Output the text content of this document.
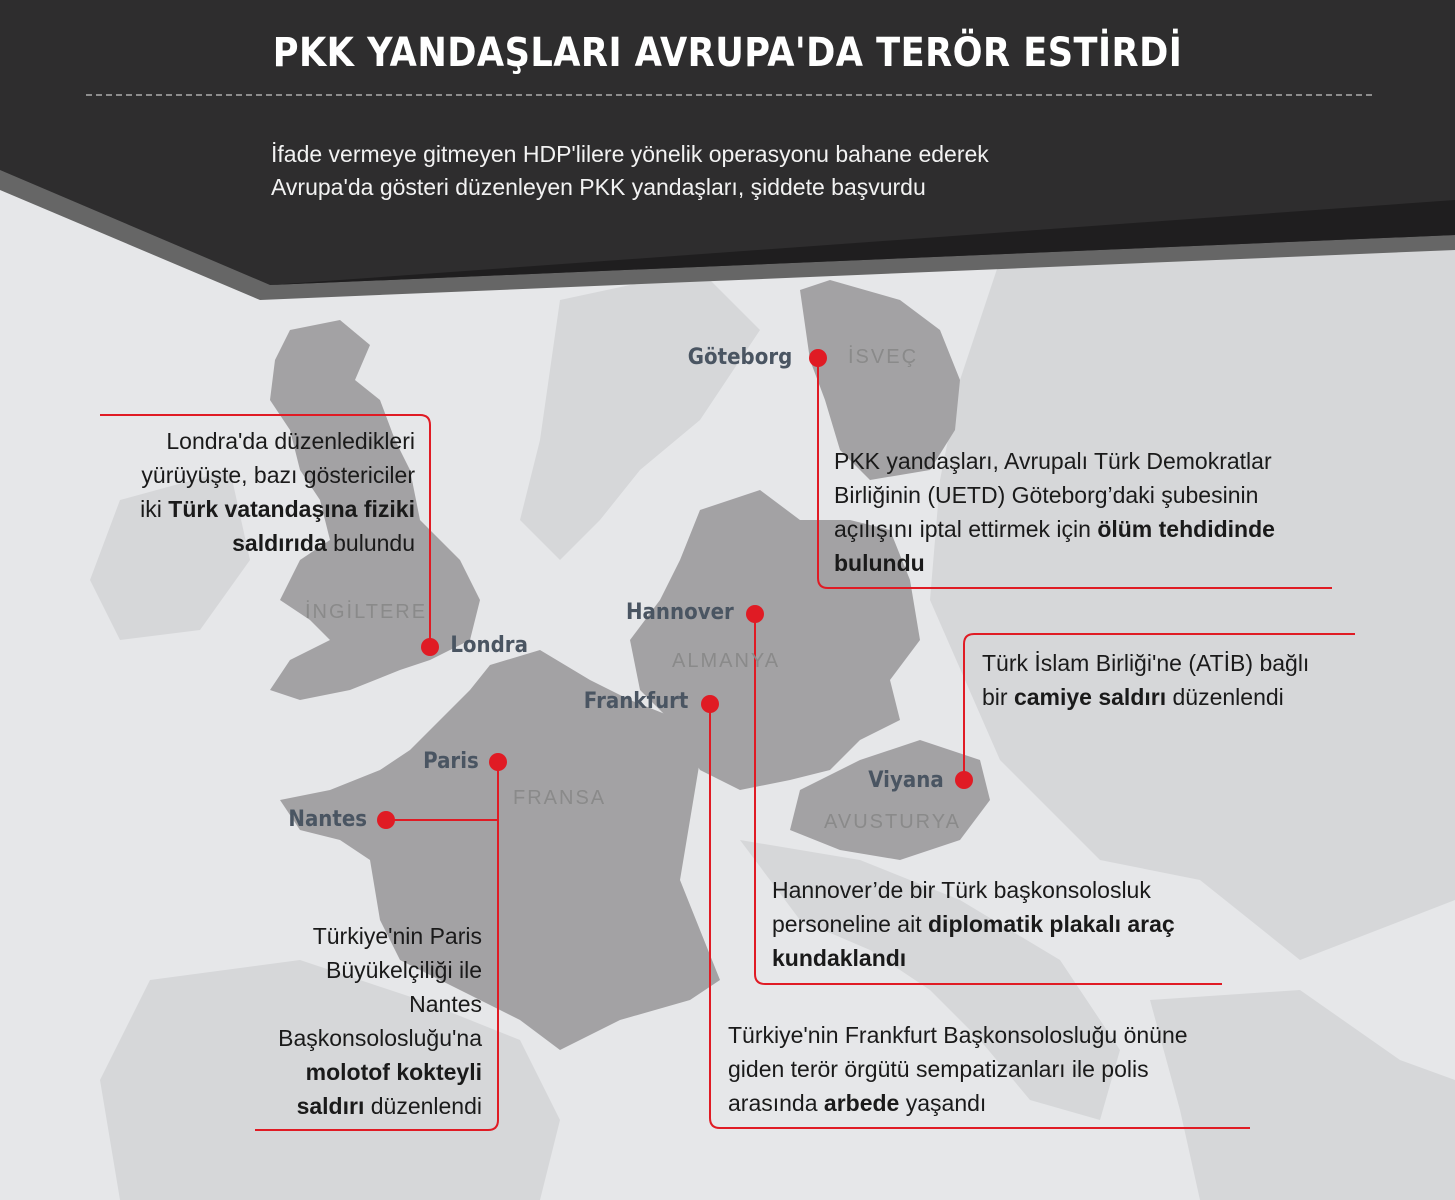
PKK YANDAŞLARI AVRUPA'DA TERÖR ESTİRDİ
İfade vermeye gitmeyen HDP'lilere yönelik operasyonu bahane ederek
Avrupa'da gösteri düzenleyen PKK yandaşları, şiddete başvurdu
İSVEÇ
İNGİLTERE
ALMANYA
FRANSA
AVUSTURYA
Göteborg
Londra
Hannover
Frankfurt
Paris
Nantes
Viyana
Londra'da düzenledikleri
yürüyüşte, bazı göstericiler
iki Türk vatandaşına fiziki
saldırıda bulundu
PKK yandaşları, Avrupalı Türk Demokratlar
Birliğinin (UETD) Göteborg’daki şubesinin
açılışını iptal ettirmek için ölüm tehdidinde
bulundu
Türk İslam Birliği'ne (ATİB) bağlı
bir camiye saldırı düzenlendi
Türkiye'nin Paris
Büyükelçiliği ile
Nantes
Başkonsolosluğu'na
molotof kokteyli
saldırı düzenlendi
Hannover’de bir Türk başkonsolosluk
personeline ait diplomatik plakalı araç
kundaklandı
Türkiye'nin Frankfurt Başkonsolosluğu önüne
giden terör örgütü sempatizanları ile polis
arasında arbede yaşandı
